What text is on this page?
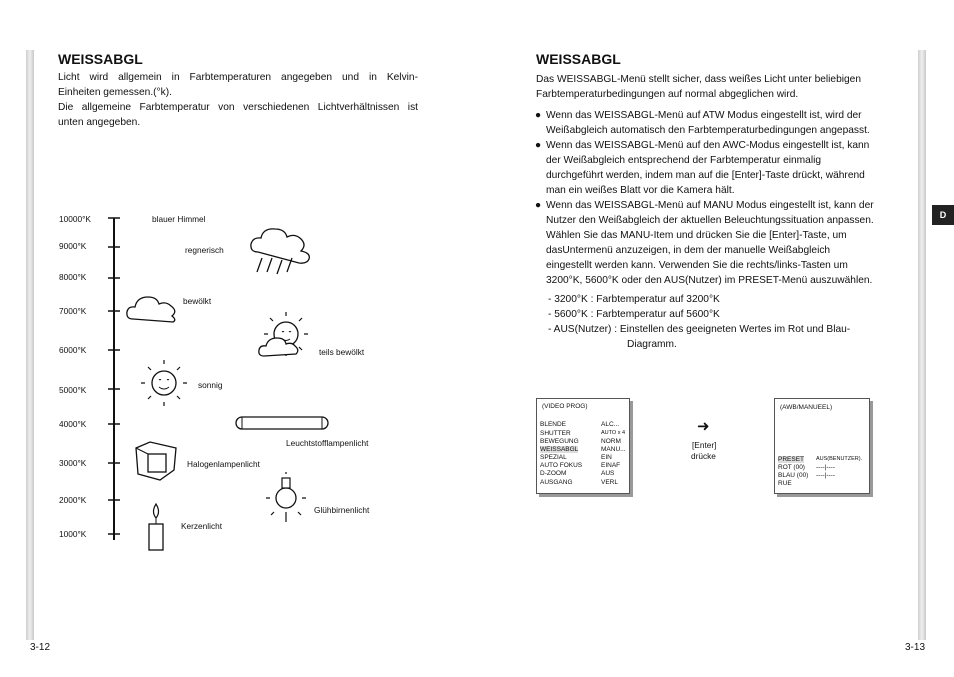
WEISSABGL
Licht wird allgemein in Farbtemperaturen angegeben und in Kelvin-
Einheiten gemessen.(°k).
Die allgemeine Farbtemperatur von verschiedenen Lichtverhältnissen ist
unten angegeben.
10000°K
9000°K
8000°K
7000°K
6000°K
5000°K
4000°K
3000°K
2000°K
1000°K
blauer Himmel
regnerisch
bewölkt
teils bewölkt
sonnig
Leuchtstofflampenlicht
Halogenlampenlicht
Glühbirnenlicht
Kerzenlicht
3-12
WEISSABGL
Das WEISSABGL-Menü stellt sicher, dass weißes Licht unter beliebigen
Farbtemperaturbedingungen auf normal abgeglichen wird.
● Wenn das WEISSABGL-Menü auf ATW Modus eingestellt ist, wird der
Weißabgleich automatisch den Farbtemperaturbedingungen angepasst.
● Wenn das WEISSABGL-Menü auf den AWC-Modus eingestellt ist, kann
der Weißabgleich entsprechend der Farbtemperatur einmalig
durchgeführt werden, indem man auf die [Enter]-Taste drückt, während
man ein weißes Blatt vor die Kamera hält.
● Wenn das WEISSABGL-Menü auf MANU Modus eingestellt ist, kann der
Nutzer den Weißabgleich der aktuellen Beleuchtungssituation anpassen.
Wählen Sie das MANU-Item und drücken Sie die [Enter]-Taste, um
dasUntermenü anzuzeigen, in dem der manuelle Weißabgleich
eingestellt werden kann. Verwenden Sie die rechts/links-Tasten um
3200°K, 5600°K oder den AUS(Nutzer) im PRESET-Menü auszuwählen.
- 3200°K : Farbtemperatur auf 3200°K
- 5600°K : Farbtemperatur auf 5600°K
- AUS(Nutzer) : Einstellen des geeigneten Wertes im Rot und Blau-
Diagramm.
(VIDEO PROG)
BLENDE
SHUTTER
BEWEGUNG
WEISSABGL
SPEZIAL
AUTO FOKUS
D-ZOOM
AUSGANG
ALC...
AUTO x 4
NORM
MANU...
EIN
EINAF
AUS
VERL
➜
[Enter]
drücke
(AWB/MANUEEL)
PRESET
ROT (00)
BLAU (00)
RUE
AUS(BENUTZER).
----|----
----|----
D
3-13
